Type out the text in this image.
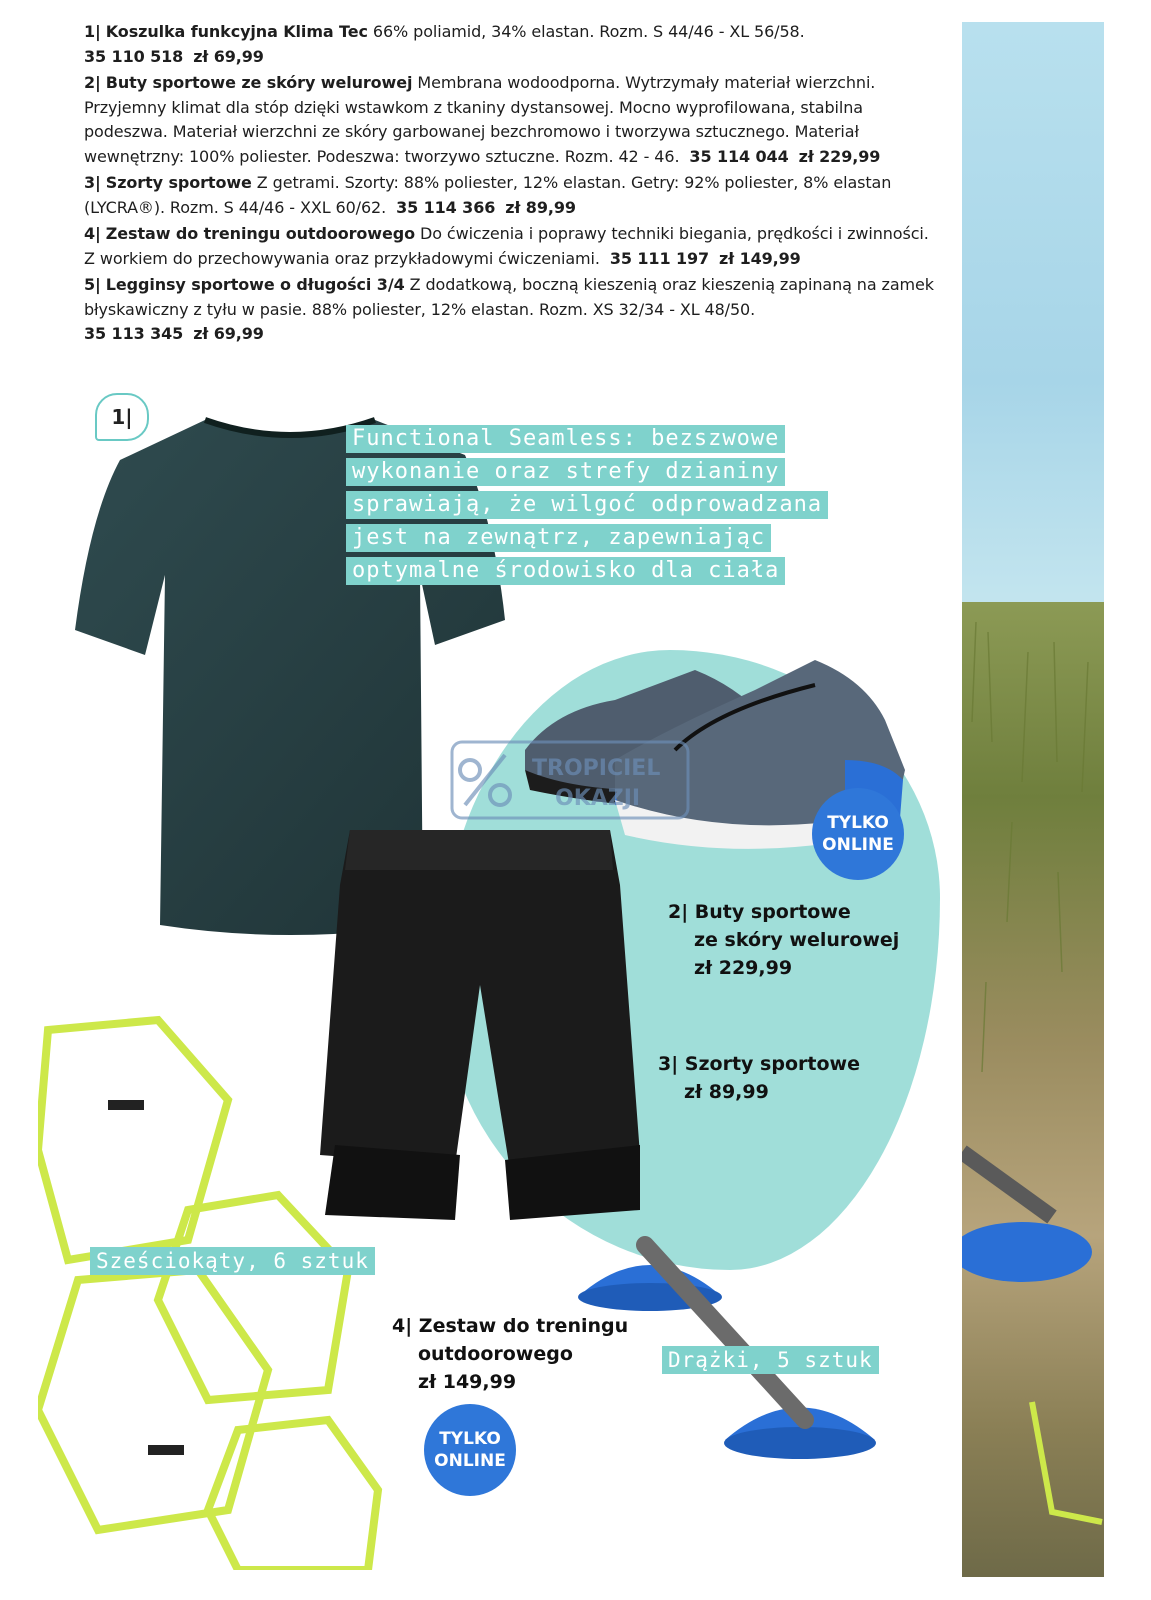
1| Koszulka funkcyjna Klima Tec 66% poliamid, 34% elastan. Rozm. S 44/46 - XL 56/58.
35 110 518 zł 69,99

2| Buty sportowe ze skóry welurowej Membrana wodoodporna. Wytrzymały materiał wierzchni. Przyjemny klimat dla stóp dzięki wstawkom z tkaniny dystansowej. Mocno wyprofilowana, stabilna podeszwa. Materiał wierzchni ze skóry garbowanej bezchromowo i tworzywa sztucznego. Materiał wewnętrzny: 100% poliester. Podeszwa: tworzywo sztuczne. Rozm. 42 - 46. 35 114 044 zł 229,99

3| Szorty sportowe Z getrami. Szorty: 88% poliester, 12% elastan. Getry: 92% poliester, 8% elastan (LYCRA®). Rozm. S 44/46 - XXL 60/62. 35 114 366 zł 89,99

4| Zestaw do treningu outdoorowego Do ćwiczenia i poprawy techniki biegania, prędkości i zwinności. Z workiem do przechowywania oraz przykładowymi ćwiczeniami. 35 111 197 zł 149,99

5| Legginsy sportowe o długości 3/4 Z dodatkową, boczną kieszenią oraz kieszenią zapinaną na zamek błyskawiczny z tyłu w pasie. 88% poliester, 12% elastan. Rozm. XS 32/34 - XL 48/50.
35 113 345 zł 69,99

TROPICIEL
OKAZJI
1|
Functional Seamless: bezszwowe
wykonanie oraz strefy dzianiny
sprawiają, że wilgoć odprowadzana
jest na zewnątrz, zapewniając
optymalne środowisko dla ciała
Sześciokąty, 6 sztuk
Drążki, 5 sztuk
TYLKO
ONLINE
TYLKO
ONLINE
2| Buty sportowe
ze skóry welurowej
zł 229,99
3| Szorty sportowe
zł 89,99
4| Zestaw do treningu
outdoorowego
zł 149,99
